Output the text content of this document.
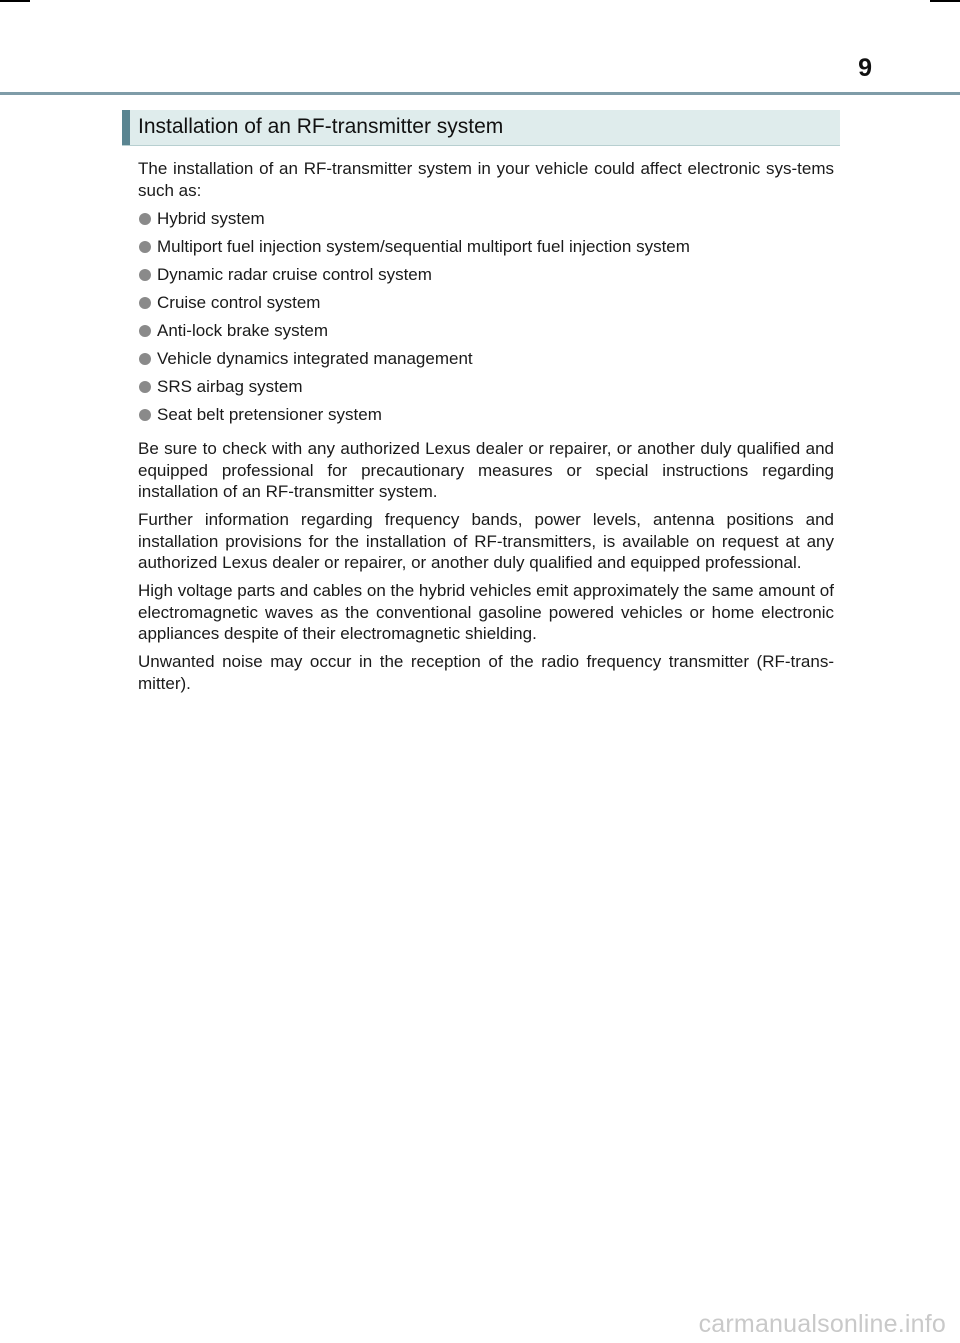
9
Installation of an RF-transmitter system

The installation of an RF-transmitter system in your vehicle could affect electronic sys-tems such as:

Hybrid system
Multiport fuel injection system/sequential multiport fuel injection system
Dynamic radar cruise control system
Cruise control system
Anti-lock brake system
Vehicle dynamics integrated management
SRS airbag system
Seat belt pretensioner system

Be sure to check with any authorized Lexus dealer or repairer, or another duly qualified and equipped professional for precautionary measures or special instructions regarding installation of an RF-transmitter system.

Further information regarding frequency bands, power levels, antenna positions and installation provisions for the installation of RF-transmitters, is available on request at any authorized Lexus dealer or repairer, or another duly qualified and equipped professional.

High voltage parts and cables on the hybrid vehicles emit approximately the same amount of electromagnetic waves as the conventional gasoline powered vehicles or home electronic appliances despite of their electromagnetic shielding.

Unwanted noise may occur in the reception of the radio frequency transmitter (RF-trans-mitter).

carmanualsonline.info
